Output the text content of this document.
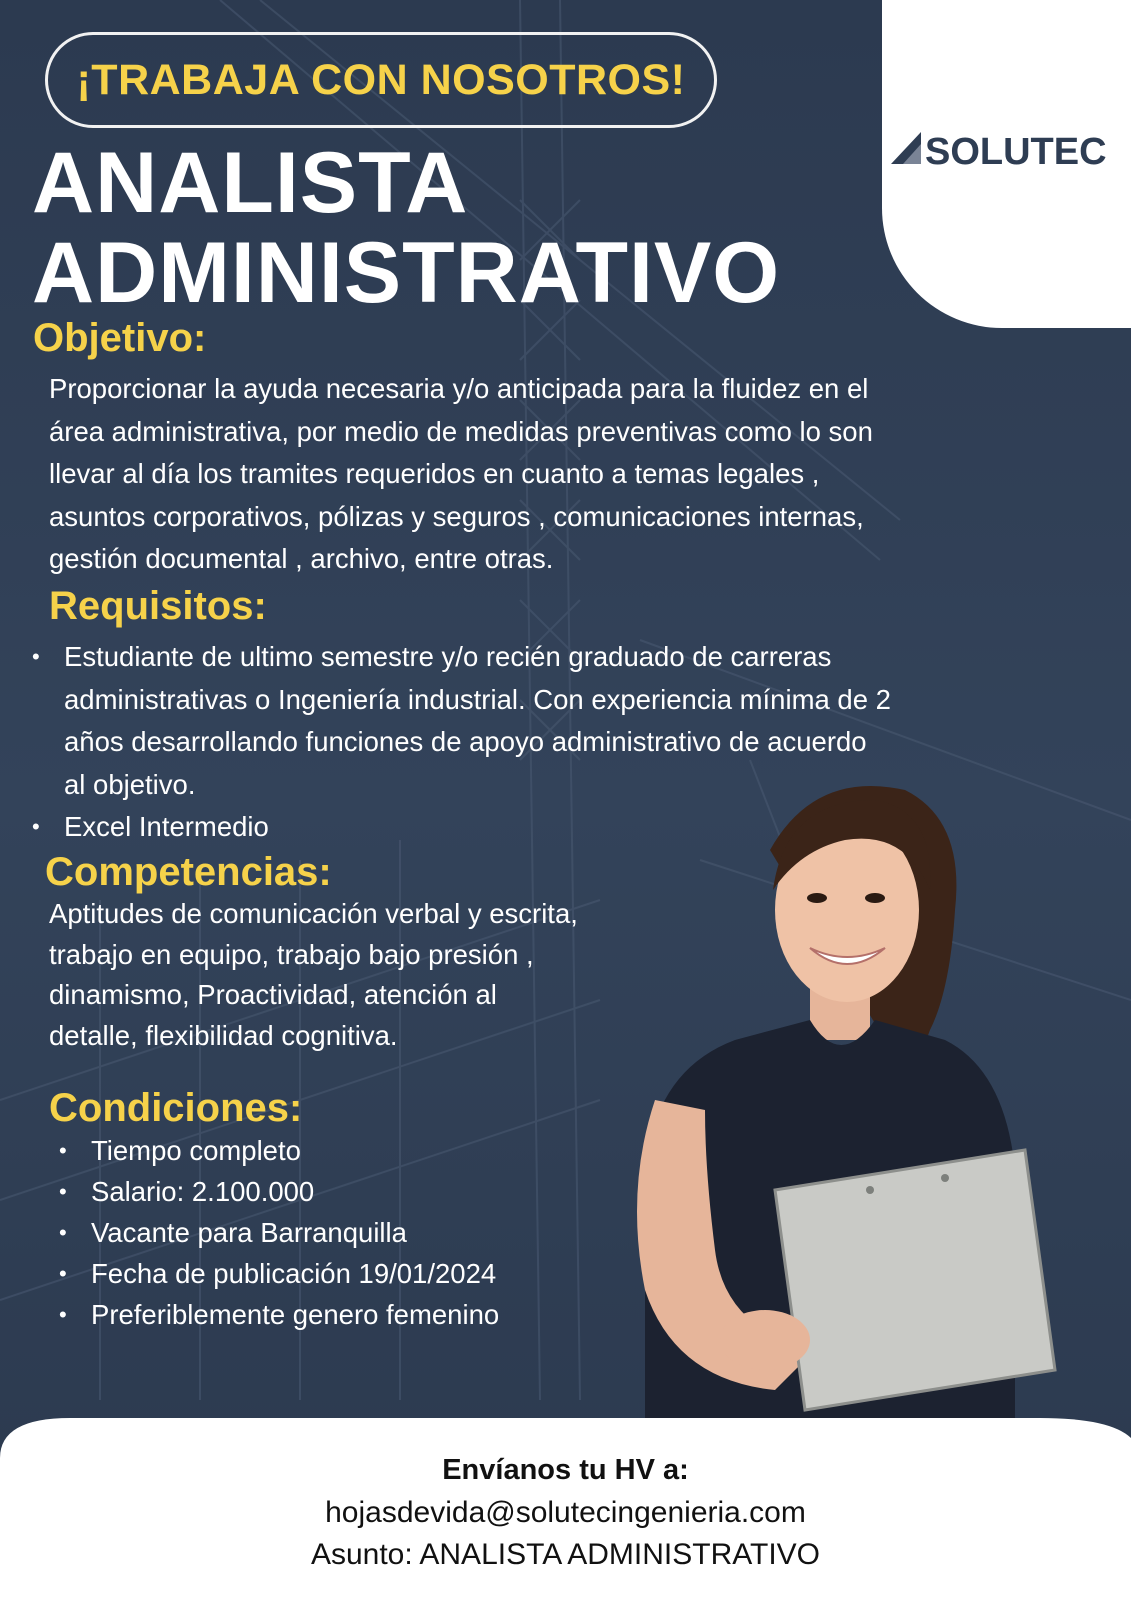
SOLUTEC
¡TRABAJA CON NOSOTROS!
ANALISTA
ADMINISTRATIVO
Objetivo:
Proporcionar la ayuda necesaria y/o anticipada para la fluidez en el
área administrativa, por medio de medidas preventivas como lo son
llevar al día los tramites requeridos en cuanto a temas legales ,
asuntos corporativos, pólizas y seguros , comunicaciones internas,
gestión documental , archivo, entre otras.
Requisitos:
• Estudiante de ultimo semestre y/o recién graduado de carreras
administrativas o Ingeniería industrial. Con experiencia mínima de 2
años desarrollando funciones de apoyo administrativo de acuerdo
al objetivo.
• Excel Intermedio
Competencias:
Aptitudes de comunicación verbal y escrita,
trabajo en equipo, trabajo bajo presión ,
dinamismo, Proactividad, atención al
detalle, flexibilidad cognitiva.
Condiciones:
• Tiempo completo
• Salario: 2.100.000
• Vacante para Barranquilla
• Fecha de publicación 19/01/2024
• Preferiblemente genero femenino
Envíanos tu HV a:
hojasdevida@solutecingenieria.com
Asunto: ANALISTA ADMINISTRATIVO
